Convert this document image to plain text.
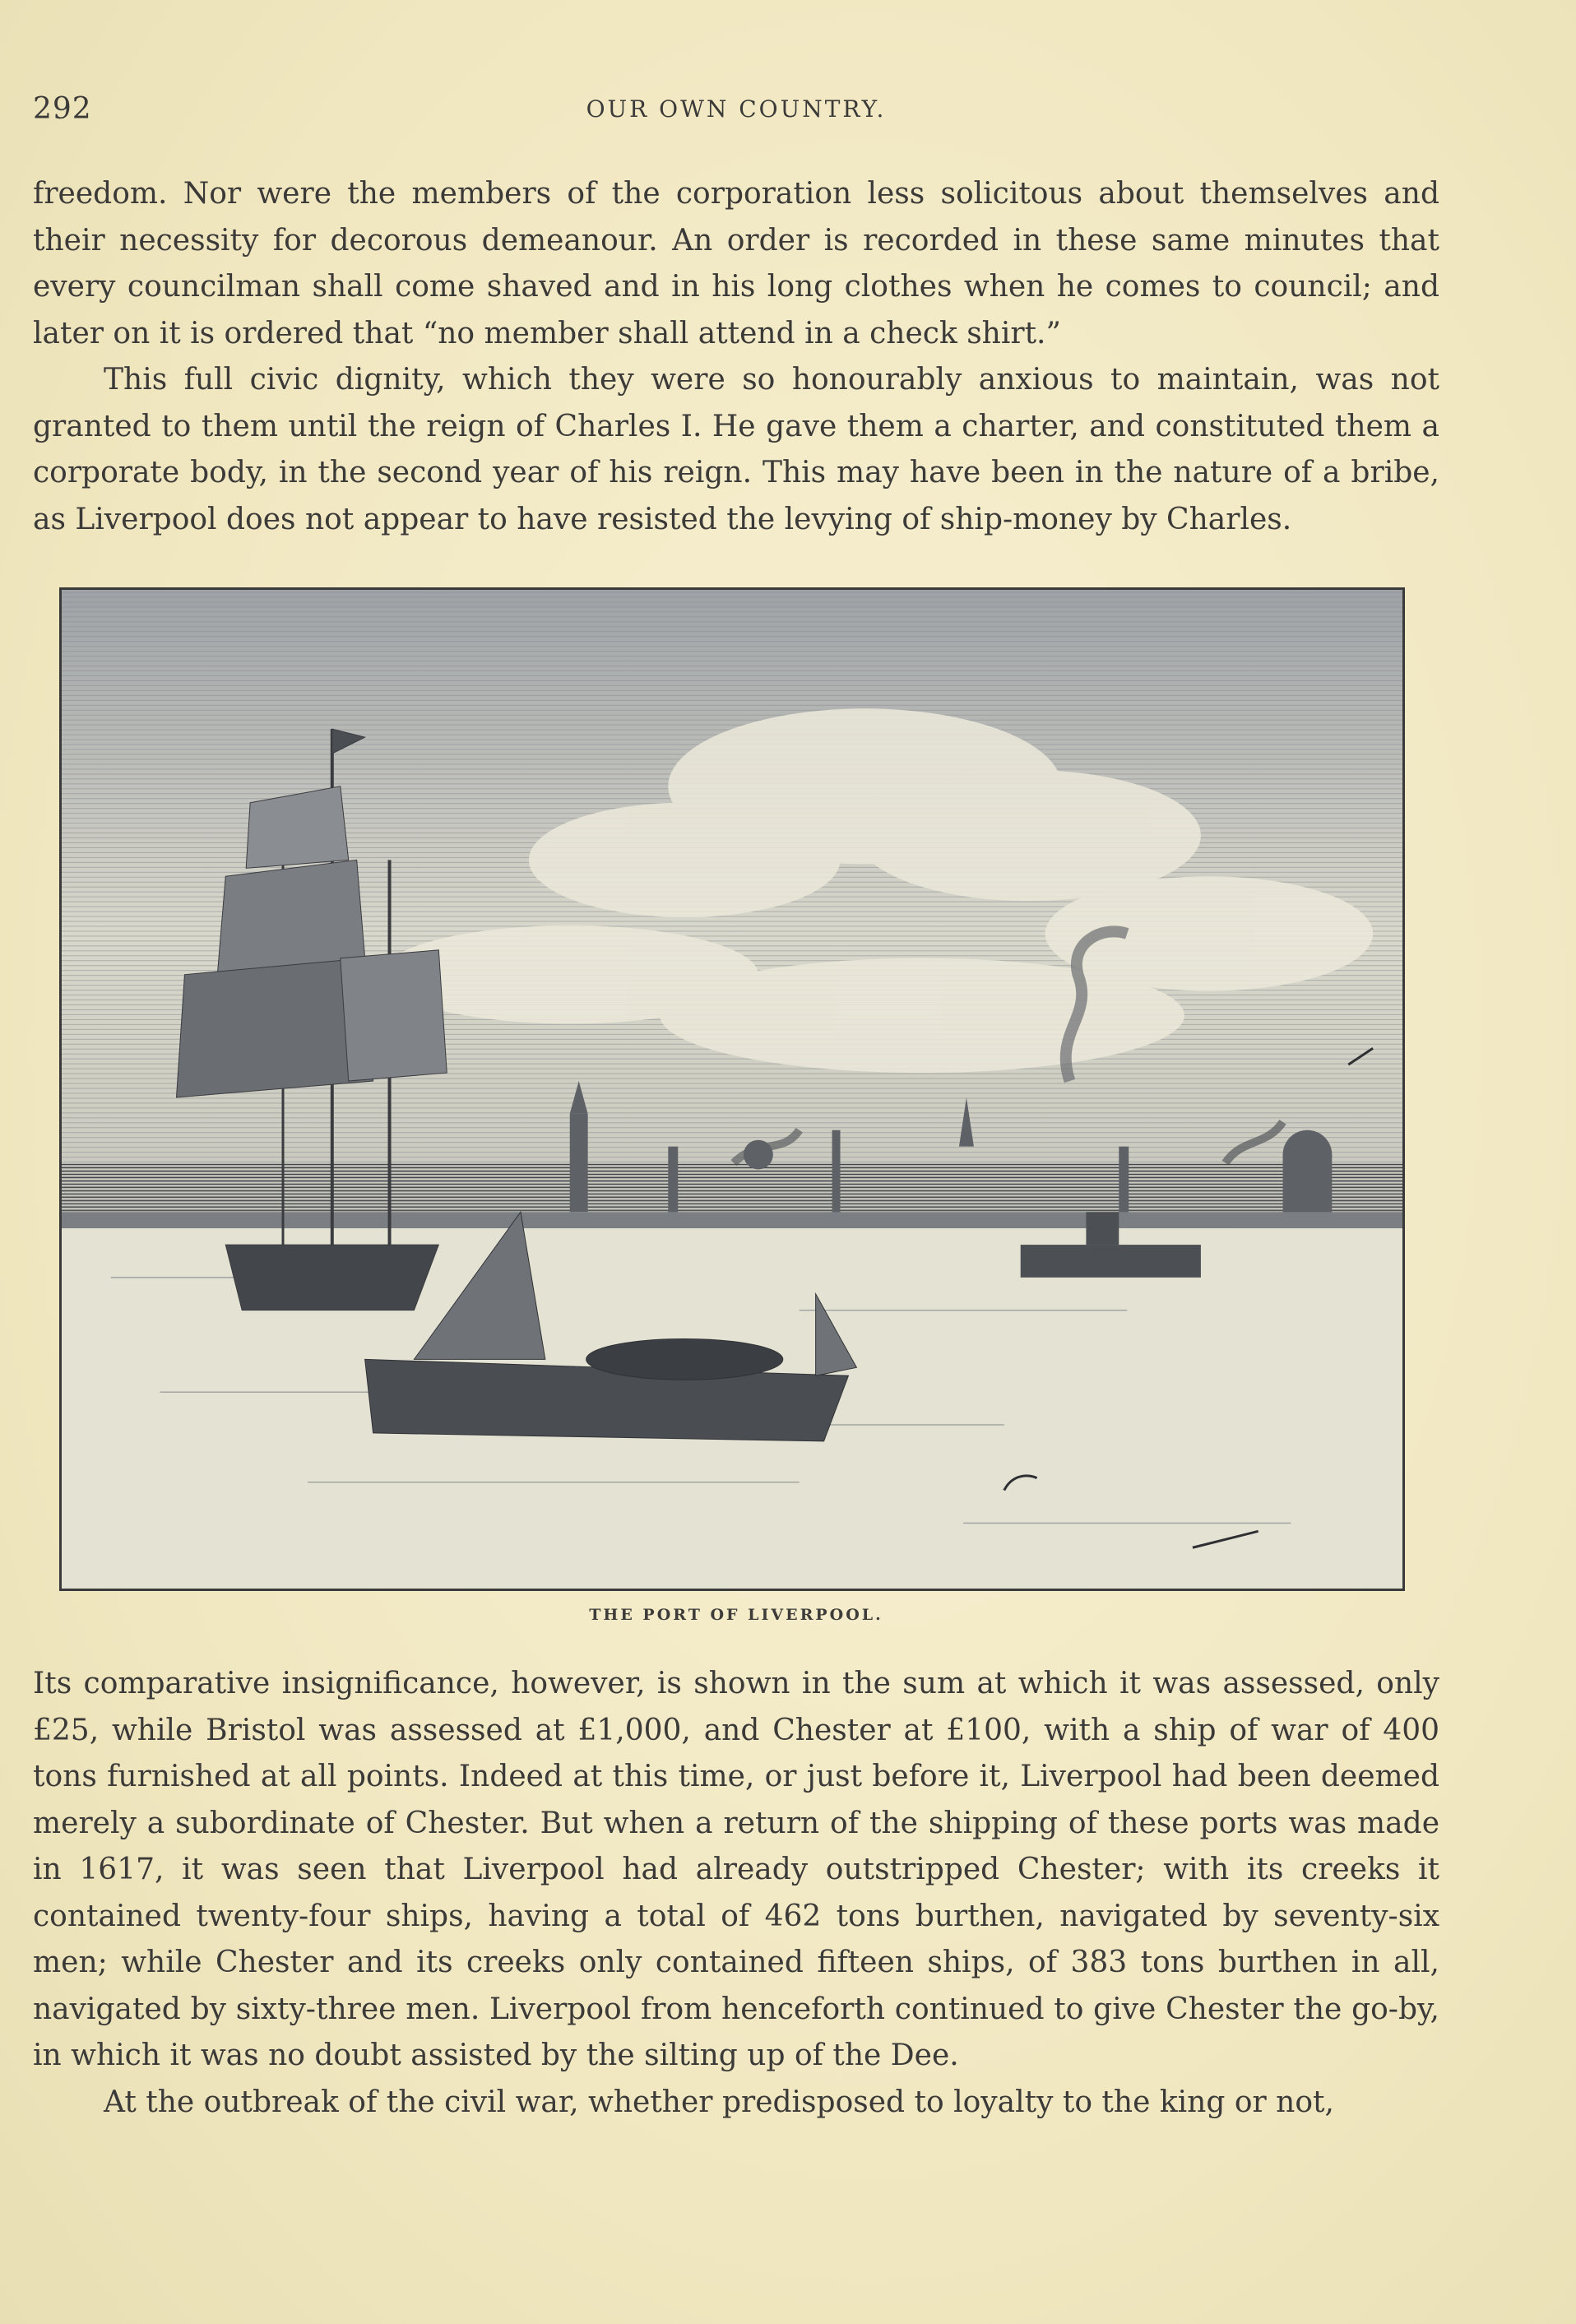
292	OUR OWN COUNTRY.

freedom. Nor were the members of the corporation less solicitous about themselves and their necessity for decorous demeanour. An order is recorded in these same minutes that every councilman shall come shaved and in his long clothes when he comes to council; and later on it is ordered that “no member shall attend in a check shirt.”

This full civic dignity, which they were so honourably anxious to maintain, was not granted to them until the reign of Charles I. He gave them a charter, and constituted them a corporate body, in the second year of his reign. This may have been in the nature of a bribe, as Liverpool does not appear to have resisted the levying of ship-money by Charles.

THE PORT OF LIVERPOOL.

Its comparative insignificance, however, is shown in the sum at which it was assessed, only £25, while Bristol was assessed at £1,000, and Chester at £100, with a ship of war of 400 tons furnished at all points. Indeed at this time, or just before it, Liverpool had been deemed merely a subordinate of Chester. But when a return of the shipping of these ports was made in 1617, it was seen that Liverpool had already outstripped Chester; with its creeks it contained twenty-four ships, having a total of 462 tons burthen, navigated by seventy-six men; while Chester and its creeks only contained fifteen ships, of 383 tons burthen in all, navigated by sixty-three men. Liverpool from henceforth continued to give Chester the go-by, in which it was no doubt assisted by the silting up of the Dee.

At the outbreak of the civil war, whether predisposed to loyalty to the king or not,
